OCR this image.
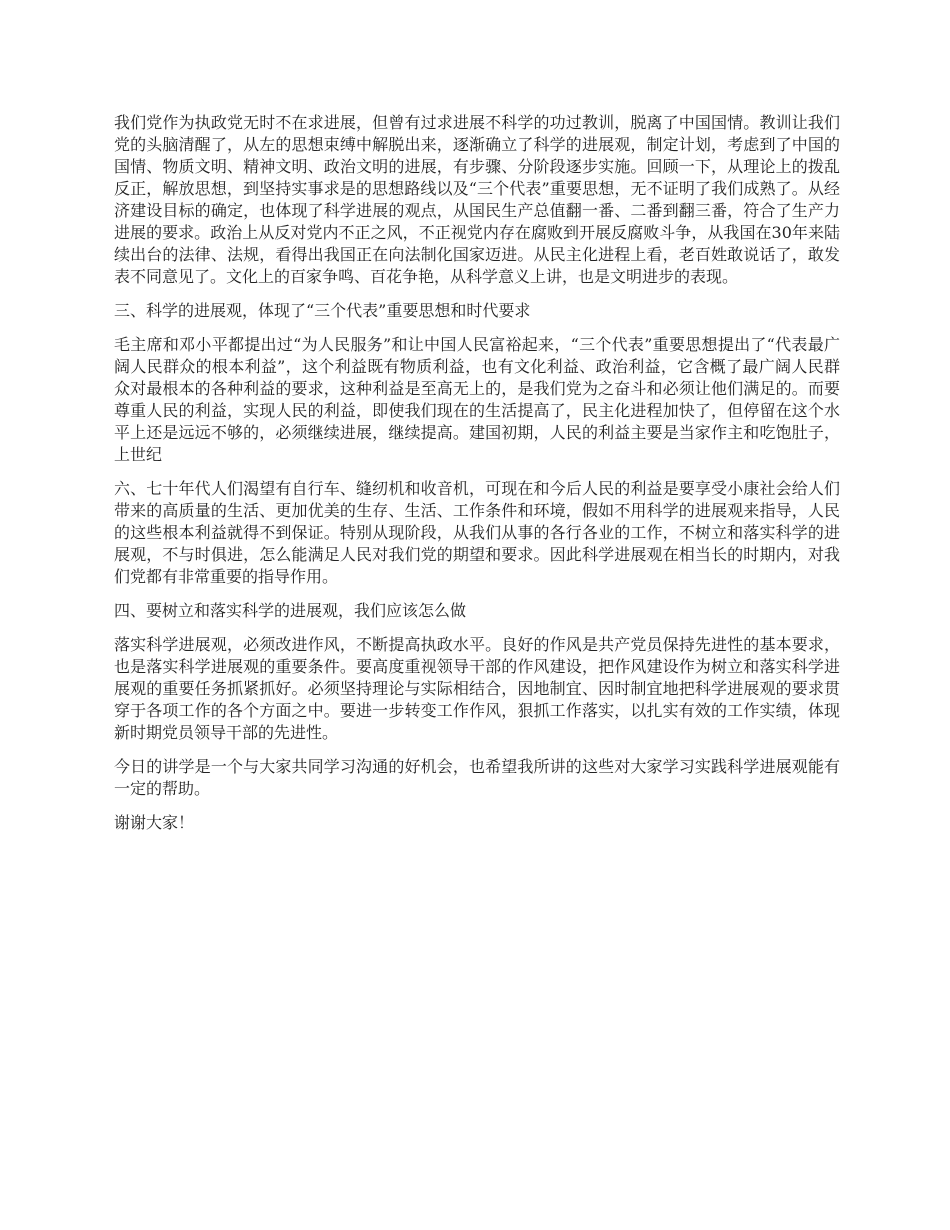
我们党作为执政党无时不在求进展，但曾有过求进展不科学的功过教训，脱离了中国国情。教训让我们党的头脑清醒了，从左的思想束缚中解脱出来，逐渐确立了科学的进展观，制定计划，考虑到了中国的国情、物质文明、精神文明、政治文明的进展，有步骤、分阶段逐步实施。回顾一下，从理论上的拨乱反正，解放思想，到坚持实事求是的思想路线以及“三个代表”重要思想，无不证明了我们成熟了。从经济建设目标的确定，也体现了科学进展的观点，从国民生产总值翻一番、二番到翻三番，符合了生产力进展的要求。政治上从反对党内不正之风，不正视党内存在腐败到开展反腐败斗争，从我国在30年来陆续出台的法律、法规，看得出我国正在向法制化国家迈进。从民主化进程上看，老百姓敢说话了，敢发表不同意见了。文化上的百家争鸣、百花争艳，从科学意义上讲，也是文明进步的表现。

三、科学的进展观，体现了“三个代表”重要思想和时代要求

毛主席和邓小平都提出过“为人民服务”和让中国人民富裕起来，“三个代表”重要思想提出了“代表最广阔人民群众的根本利益”，这个利益既有物质利益，也有文化利益、政治利益，它含概了最广阔人民群众对最根本的各种利益的要求，这种利益是至高无上的，是我们党为之奋斗和必须让他们满足的。而要尊重人民的利益，实现人民的利益，即使我们现在的生活提高了，民主化进程加快了，但停留在这个水平上还是远远不够的，必须继续进展，继续提高。建国初期，人民的利益主要是当家作主和吃饱肚子，上世纪

六、七十年代人们渴望有自行车、缝纫机和收音机，可现在和今后人民的利益是要享受小康社会给人们带来的高质量的生活、更加优美的生存、生活、工作条件和环境，假如不用科学的进展观来指导，人民的这些根本利益就得不到保证。特别从现阶段，从我们从事的各行各业的工作，不树立和落实科学的进展观，不与时俱进，怎么能满足人民对我们党的期望和要求。因此科学进展观在相当长的时期内，对我们党都有非常重要的指导作用。

四、要树立和落实科学的进展观，我们应该怎么做

落实科学进展观，必须改进作风，不断提高执政水平。良好的作风是共产党员保持先进性的基本要求，也是落实科学进展观的重要条件。要高度重视领导干部的作风建设，把作风建设作为树立和落实科学进展观的重要任务抓紧抓好。必须坚持理论与实际相结合，因地制宜、因时制宜地把科学进展观的要求贯穿于各项工作的各个方面之中。要进一步转变工作作风，狠抓工作落实，以扎实有效的工作实绩，体现新时期党员领导干部的先进性。

今日的讲学是一个与大家共同学习沟通的好机会，也希望我所讲的这些对大家学习实践科学进展观能有一定的帮助。

谢谢大家！
